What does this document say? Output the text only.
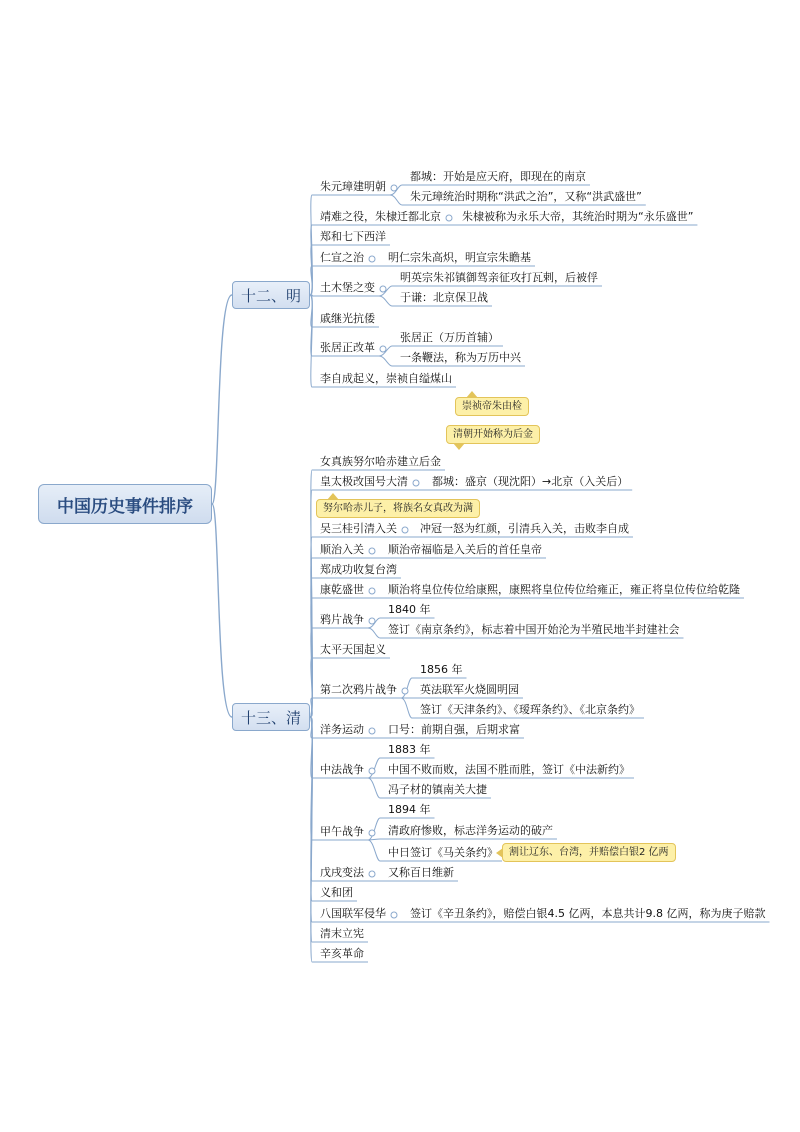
中国历史事件排序
十二、明
十三、清
朱元璋建明朝
都城：开始是应天府，即现在的南京
朱元璋统治时期称“洪武之治”，又称“洪武盛世”
靖难之役，朱棣迁都北京 朱棣被称为永乐大帝，其统治时期为“永乐盛世”
郑和七下西洋
仁宣之治 明仁宗朱高炽，明宣宗朱瞻基
土木堡之变
明英宗朱祁镇御驾亲征攻打瓦剌，后被俘
于谦：北京保卫战
戚继光抗倭
张居正改革
张居正（万历首辅）
一条鞭法，称为万历中兴
李自成起义，崇祯自缢煤山
崇祯帝朱由检
清朝开始称为后金
女真族努尔哈赤建立后金
皇太极改国号大清 都城：盛京（现沈阳）→北京（入关后）
努尔哈赤儿子，将族名女真改为满
吴三桂引清入关 冲冠一怒为红颜，引清兵入关，击败李自成
顺治入关 顺治帝福临是入关后的首任皇帝
郑成功收复台湾
康乾盛世 顺治将皇位传位给康熙，康熙将皇位传位给雍正，雍正将皇位传位给乾隆
鸦片战争
1840 年
签订《南京条约》，标志着中国开始沦为半殖民地半封建社会
太平天国起义
第二次鸦片战争
1856 年
英法联军火烧圆明园
签订《天津条约》、《瑷珲条约》、《北京条约》
洋务运动 口号：前期自强，后期求富
中法战争
1883 年
中国不败而败，法国不胜而胜，签订《中法新约》
冯子材的镇南关大捷
甲午战争
1894 年
清政府惨败，标志洋务运动的破产
中日签订《马关条约》	割让辽东、台湾，并赔偿白银2 亿两
戊戌变法 又称百日维新
义和团
八国联军侵华 签订《辛丑条约》，赔偿白银4.5 亿两，本息共计9.8 亿两，称为庚子赔款
清末立宪
辛亥革命
